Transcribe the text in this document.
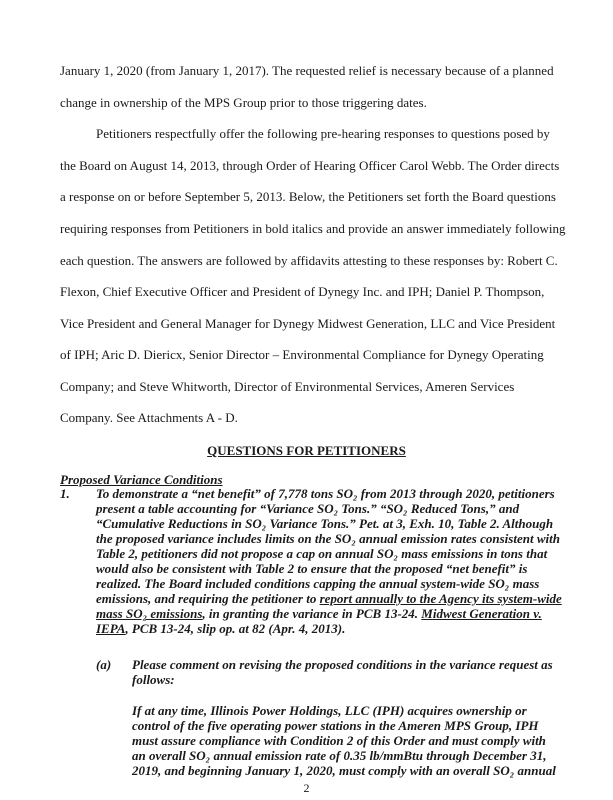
January 1, 2020 (from January 1, 2017). The requested relief is necessary because of a planned
change in ownership of the MPS Group prior to those triggering dates.
Petitioners respectfully offer the following pre-hearing responses to questions posed by
the Board on August 14, 2013, through Order of Hearing Officer Carol Webb. The Order directs
a response on or before September 5, 2013. Below, the Petitioners set forth the Board questions
requiring responses from Petitioners in bold italics and provide an answer immediately following
each question. The answers are followed by affidavits attesting to these responses by: Robert C.
Flexon, Chief Executive Officer and President of Dynegy Inc. and IPH; Daniel P. Thompson,
Vice President and General Manager for Dynegy Midwest Generation, LLC and Vice President
of IPH; Aric D. Diericx, Senior Director – Environmental Compliance for Dynegy Operating
Company; and Steve Whitworth, Director of Environmental Services, Ameren Services
Company. See Attachments A - D.
QUESTIONS FOR PETITIONERS
Proposed Variance Conditions
1. To demonstrate a “net benefit” of 7,778 tons SO₂ from 2013 through 2020, petitioners
present a table accounting for “Variance SO₂ Tons.” “SO₂ Reduced Tons,” and
“Cumulative Reductions in SO₂ Variance Tons.” Pet. at 3, Exh. 10, Table 2. Although
the proposed variance includes limits on the SO₂ annual emission rates consistent with
Table 2, petitioners did not propose a cap on annual SO₂ mass emissions in tons that
would also be consistent with Table 2 to ensure that the proposed “net benefit” is
realized. The Board included conditions capping the annual system-wide SO₂ mass
emissions, and requiring the petitioner to report annually to the Agency its system-wide
mass SO₂ emissions, in granting the variance in PCB 13-24. Midwest Generation v.
IEPA, PCB 13-24, slip op. at 82 (Apr. 4, 2013).
(a) Please comment on revising the proposed conditions in the variance request as
follows:
If at any time, Illinois Power Holdings, LLC (IPH) acquires ownership or
control of the five operating power stations in the Ameren MPS Group, IPH
must assure compliance with Condition 2 of this Order and must comply with
an overall SO₂ annual emission rate of 0.35 lb/mmBtu through December 31,
2019, and beginning January 1, 2020, must comply with an overall SO₂ annual
2
